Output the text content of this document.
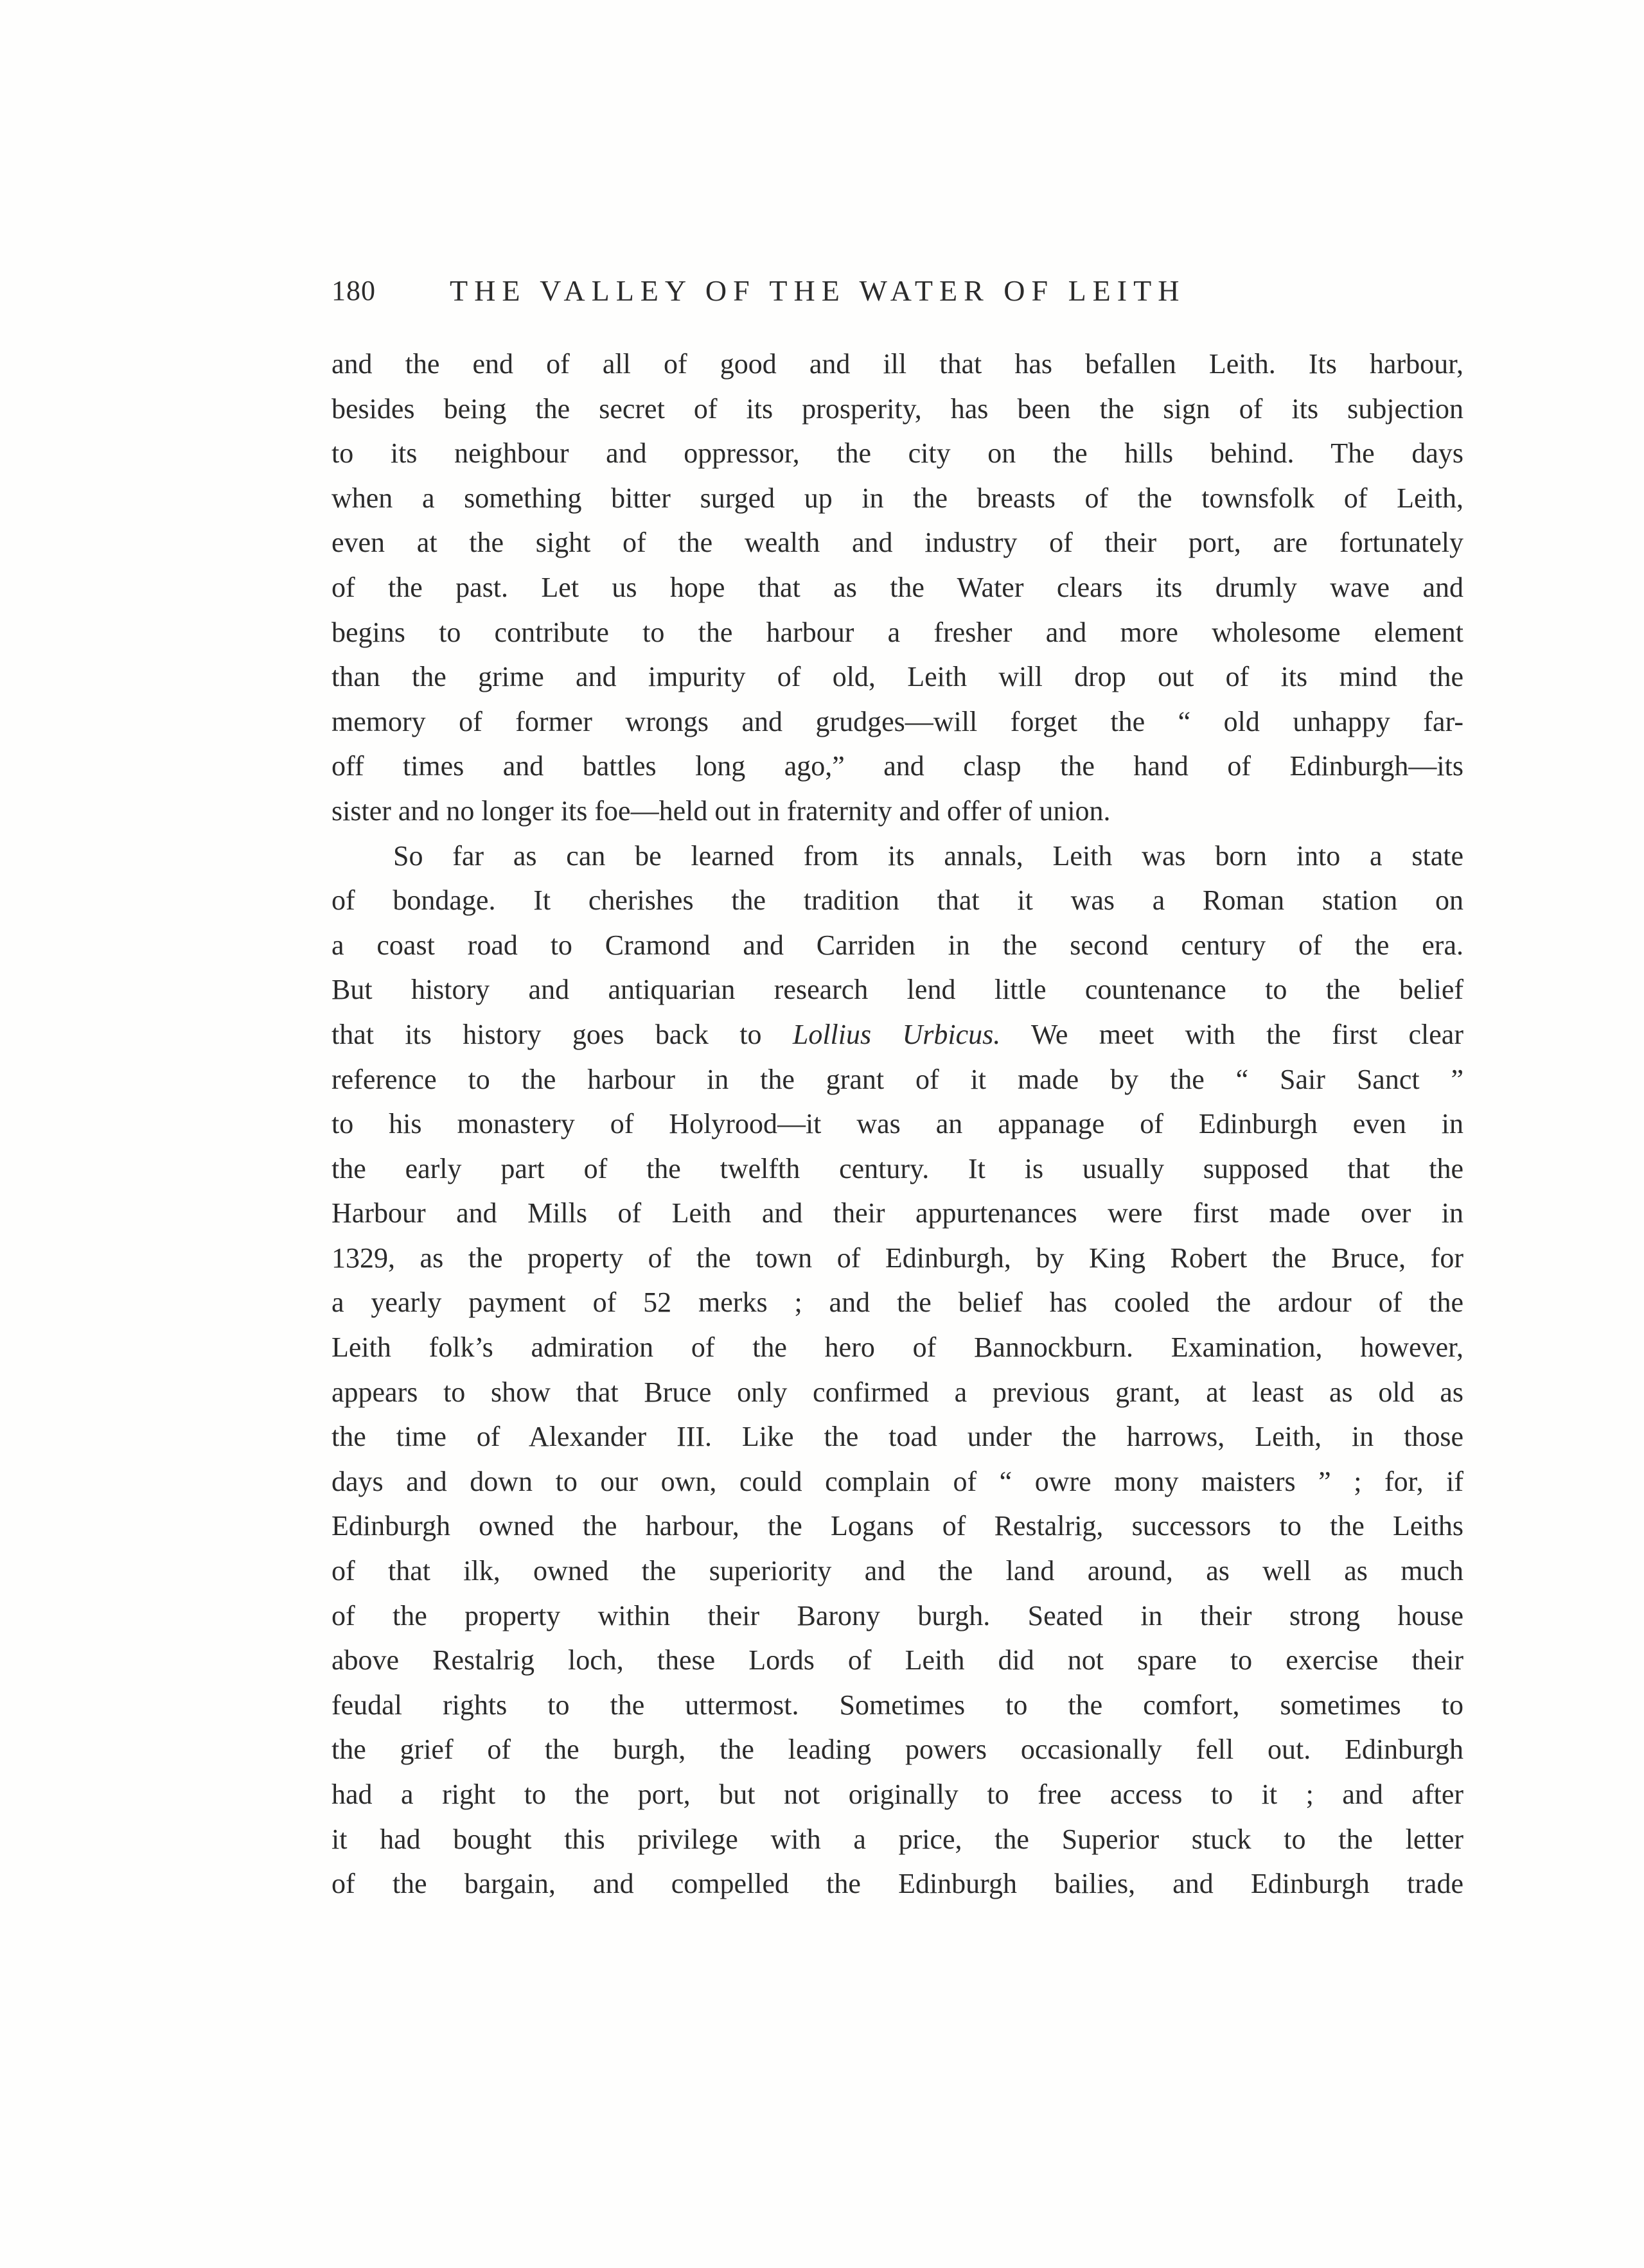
180	THE VALLEY OF THE WATER OF LEITH
and the end of all of good and ill that has befallen Leith. Its harbour,
besides being the secret of its prosperity, has been the sign of its subjection
to its neighbour and oppressor, the city on the hills behind. The days
when a something bitter surged up in the breasts of the townsfolk of Leith,
even at the sight of the wealth and industry of their port, are fortunately
of the past. Let us hope that as the Water clears its drumly wave and
begins to contribute to the harbour a fresher and more wholesome element
than the grime and impurity of old, Leith will drop out of its mind the
memory of former wrongs and grudges—will forget the “ old unhappy far-
off times and battles long ago,” and clasp the hand of Edinburgh—its
sister and no longer its foe—held out in fraternity and offer of union.
So far as can be learned from its annals, Leith was born into a state
of bondage. It cherishes the tradition that it was a Roman station on
a coast road to Cramond and Carriden in the second century of the era.
But history and antiquarian research lend little countenance to the belief
that its history goes back to Lollius Urbicus. We meet with the first clear
reference to the harbour in the grant of it made by the “ Sair Sanct ”
to his monastery of Holyrood—it was an appanage of Edinburgh even in
the early part of the twelfth century. It is usually supposed that the
Harbour and Mills of Leith and their appurtenances were first made over in
1329, as the property of the town of Edinburgh, by King Robert the Bruce, for
a yearly payment of 52 merks ; and the belief has cooled the ardour of the
Leith folk’s admiration of the hero of Bannockburn. Examination, however,
appears to show that Bruce only confirmed a previous grant, at least as old as
the time of Alexander III. Like the toad under the harrows, Leith, in those
days and down to our own, could complain of “ owre mony maisters ” ; for, if
Edinburgh owned the harbour, the Logans of Restalrig, successors to the Leiths
of that ilk, owned the superiority and the land around, as well as much
of the property within their Barony burgh. Seated in their strong house
above Restalrig loch, these Lords of Leith did not spare to exercise their
feudal rights to the uttermost. Sometimes to the comfort, sometimes to
the grief of the burgh, the leading powers occasionally fell out. Edinburgh
had a right to the port, but not originally to free access to it ; and after
it had bought this privilege with a price, the Superior stuck to the letter
of the bargain, and compelled the Edinburgh bailies, and Edinburgh trade
